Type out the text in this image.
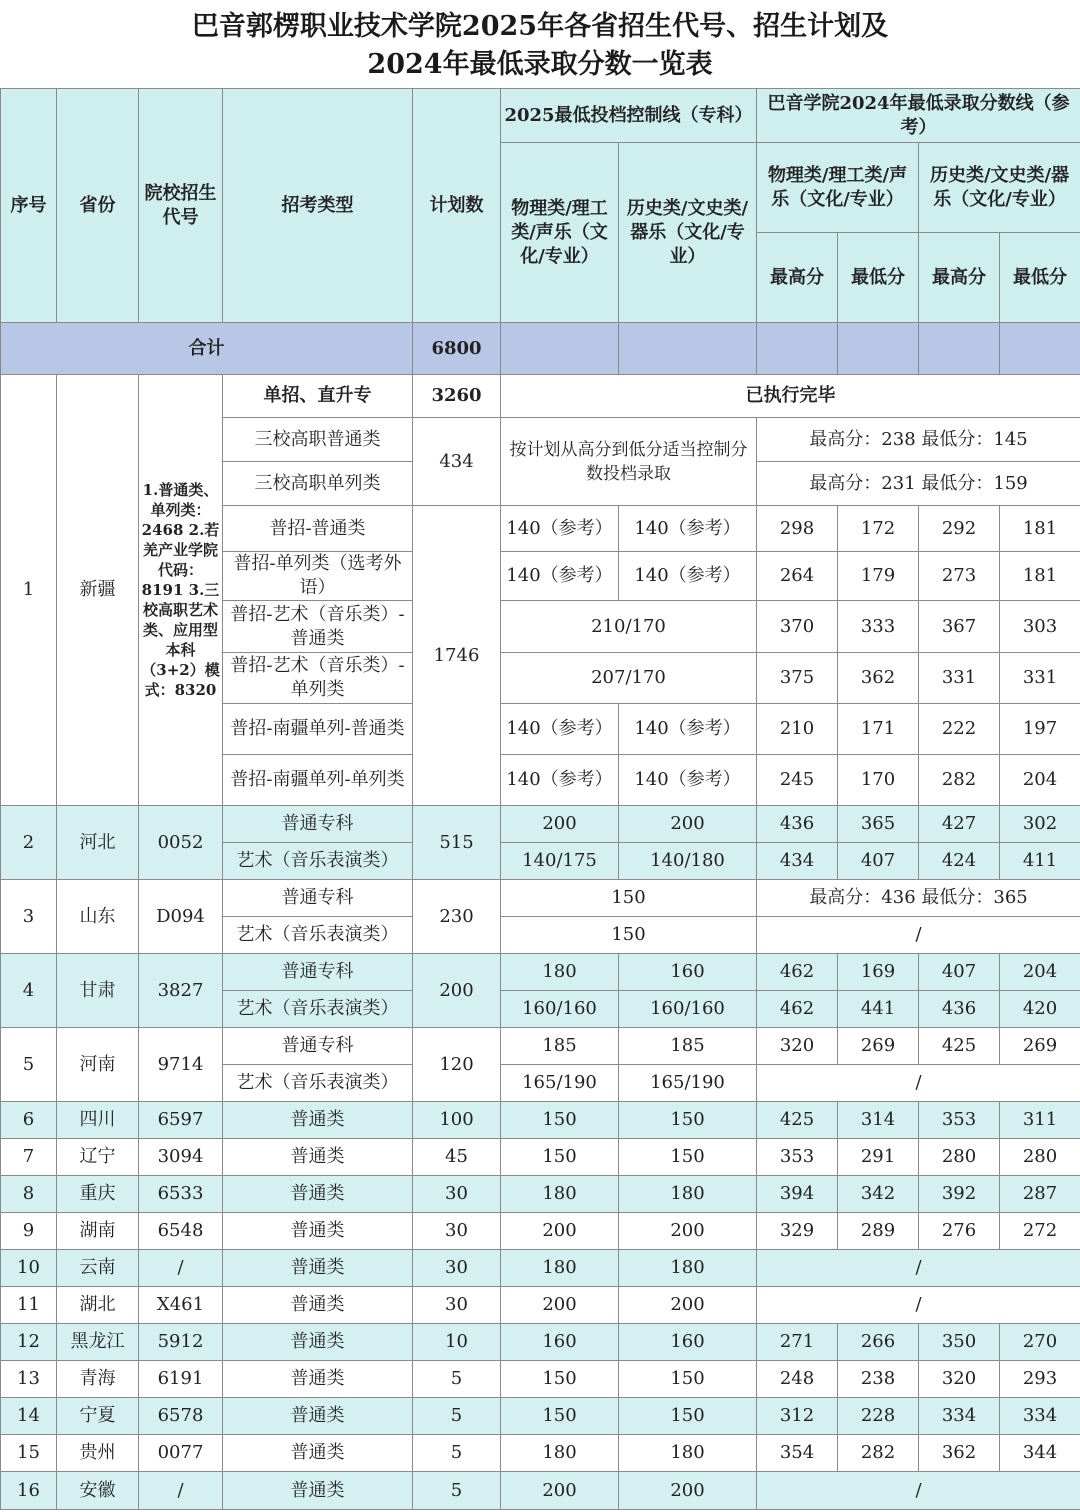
巴音郭楞职业技术学院2025年各省招生代号、招生计划及
2024年最低录取分数一览表
序号	省份	院校招生代号	招考类型	计划数	2025最低投档控制线（专科）		巴音学院2024年最低录取分数线（参考）			
					物理类/理工类/声乐（文化/专业）	历史类/文史类/器乐（文化/专业）	物理类/理工类/声乐（文化/专业）		历史类/文史类/器乐（文化/专业）	
							最高分	最低分	最高分	最低分
合计				6800						
1	新疆	1.普通类、单列类：2468 2.若羌产业学院代码：8191 3.三校高职艺术类、应用型本科（3+2）模式：8320	单招、直升专	3260	已执行完毕					
			三校高职普通类	434	按计划从高分到低分适当控制分数投档录取		最高分：238 最低分：145			
			三校高职单列类				最高分：231 最低分：159			
			普招-普通类	1746	140（参考）	140（参考）	298	172	292	181
			普招-单列类（选考外语）		140（参考）	140（参考）	264	179	273	181
			普招-艺术（音乐类）-普通类		210/170		370	333	367	303
			普招-艺术（音乐类）-单列类		207/170		375	362	331	331
			普招-南疆单列-普通类		140（参考）	140（参考）	210	171	222	197
			普招-南疆单列-单列类		140（参考）	140（参考）	245	170	282	204
2	河北	0052	普通专科	515	200	200	436	365	427	302
			艺术（音乐表演类）		140/175	140/180	434	407	424	411
3	山东	D094	普通专科	230	150		最高分：436 最低分：365			
			艺术（音乐表演类）		150		/			
4	甘肃	3827	普通专科	200	180	160	462	169	407	204
			艺术（音乐表演类）		160/160	160/160	462	441	436	420
5	河南	9714	普通专科	120	185	185	320	269	425	269
			艺术（音乐表演类）		165/190	165/190	/			
6	四川	6597	普通类	100	150	150	425	314	353	311
7	辽宁	3094	普通类	45	150	150	353	291	280	280
8	重庆	6533	普通类	30	180	180	394	342	392	287
9	湖南	6548	普通类	30	200	200	329	289	276	272
10	云南	/	普通类	30	180	180	/			
11	湖北	X461	普通类	30	200	200	/			
12	黑龙江	5912	普通类	10	160	160	271	266	350	270
13	青海	6191	普通类	5	150	150	248	238	320	293
14	宁夏	6578	普通类	5	150	150	312	228	334	334
15	贵州	0077	普通类	5	180	180	354	282	362	344
16	安徽	/	普通类	5	200	200	/			
